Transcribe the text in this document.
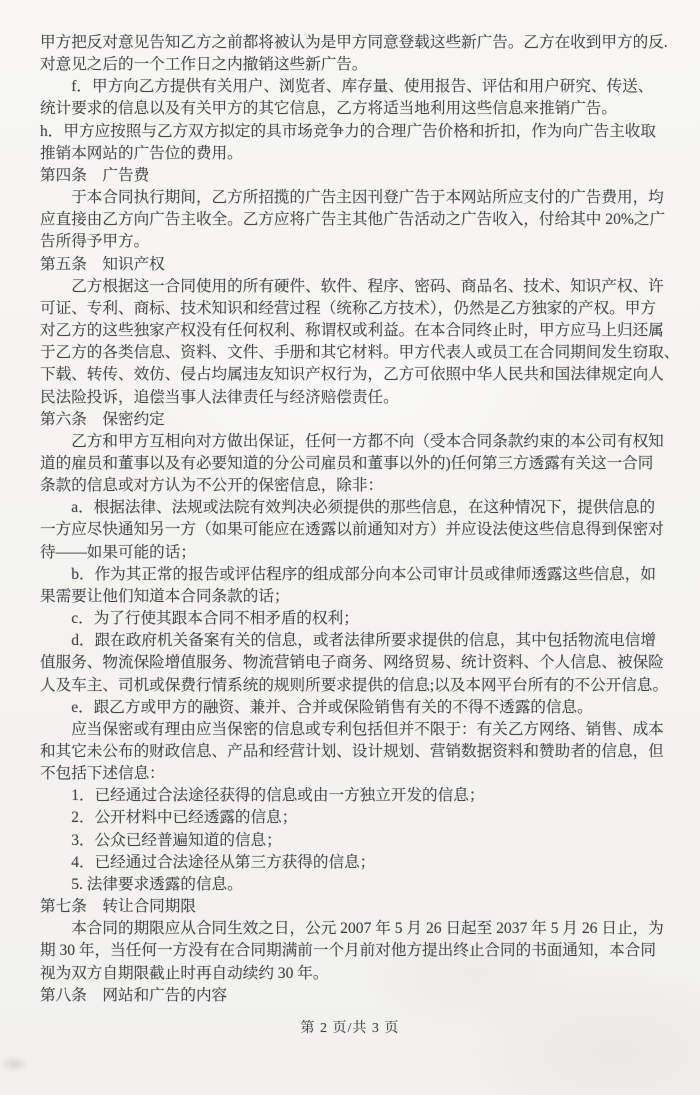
甲方把反对意见告知乙方之前都将被认为是甲方同意登载这些新广告。乙方在收到甲方的反.
对意见之后的一个工作日之内撤销这些新广告。
　　f．甲方向乙方提供有关用户、浏览者、库存量、使用报告、评估和用户研究、传送、
统计要求的信息以及有关甲方的其它信息，乙方将适当地利用这些信息来推销广告。
h．甲方应按照与乙方双方拟定的具市场竞争力的合理广告价格和折扣，作为向广告主收取
推销本网站的广告位的费用。
第四条　广告费
　　于本合同执行期间，乙方所招揽的广告主因刊登广告于本网站所应支付的广告费用，均
应直接由乙方向广告主收全。乙方应将广告主其他广告活动之广告收入，付给其中 20%之广
告所得予甲方。
第五条　知识产权
　　乙方根据这一合同使用的所有硬件、软件、程序、密码、商品名、技术、知识产权、许
可证、专利、商标、技术知识和经营过程（统称乙方技术），仍然是乙方独家的产权。甲方
对乙方的这些独家产权没有任何权利、称谓权或利益。在本合同终止时，甲方应马上归还属
于乙方的各类信息、资料、文件、手册和其它材料。甲方代表人或员工在合同期间发生窃取、
下载、转传、效仿、侵占均属违友知识产权行为，乙方可依照中华人民共和国法律规定向人
民法险投诉，追偿当事人法律责任与经济赔偿责任。
第六条　保密约定
　　乙方和甲方互相向对方做出保证，任何一方都不向（受本合同条款约束的本公司有权知
道的雇员和董事以及有必要知道的分公司雇员和董事以外的)任何第三方透露有关这一合同
条款的信息或对方认为不公开的保密信息，除非：
　　a．根据法律、法规或法院有效判决必须提供的那些信息，在这种情况下，提供信息的
一方应尽快通知另一方（如果可能应在透露以前通知对方）并应设法使这些信息得到保密对
待——如果可能的话；
　　b．作为其正常的报告或评估程序的组成部分向本公司审计员或律师透露这些信息，如
果需要让他们知道本合同条款的话；
　　c．为了行使其跟本合同不相矛盾的权利；
　　d．跟在政府机关备案有关的信息，或者法律所要求提供的信息，其中包括物流电信增
值服务、物流保险增值服务、物流营销电子商务、网络贸易、统计资料、个人信息、被保险
人及车主、司机或保费行情系统的规则所要求提供的信息;以及本网平台所有的不公开信息。
　　e．跟乙方或甲方的融资、兼并、合并或保险销售有关的不得不透露的信息。
　　应当保密或有理由应当保密的信息或专利包括但并不限于：有关乙方网络、销售、成本
和其它未公布的财政信息、产品和经营计划、设计规划、营销数据资料和赞助者的信息，但
不包括下述信息：
　　1．已经通过合法途径获得的信息或由一方独立开发的信息；
　　2．公开材料中已经透露的信息；
　　3．公众已经普遍知道的信息；
　　4．已经通过合法途径从第三方获得的信息；
　　5. 法律要求透露的信息。
第七条　转让合同期限
　　本合同的期限应从合同生效之日，公元 2007 年 5 月 26 日起至 2037 年 5 月 26 日止，为
期 30 年，当任何一方没有在合同期满前一个月前对他方提出终止合同的书面通知，本合同
视为双方自期限截止时再自动续约 30 年。
第八条　网站和广告的内容
第 2 页/共 3 页
